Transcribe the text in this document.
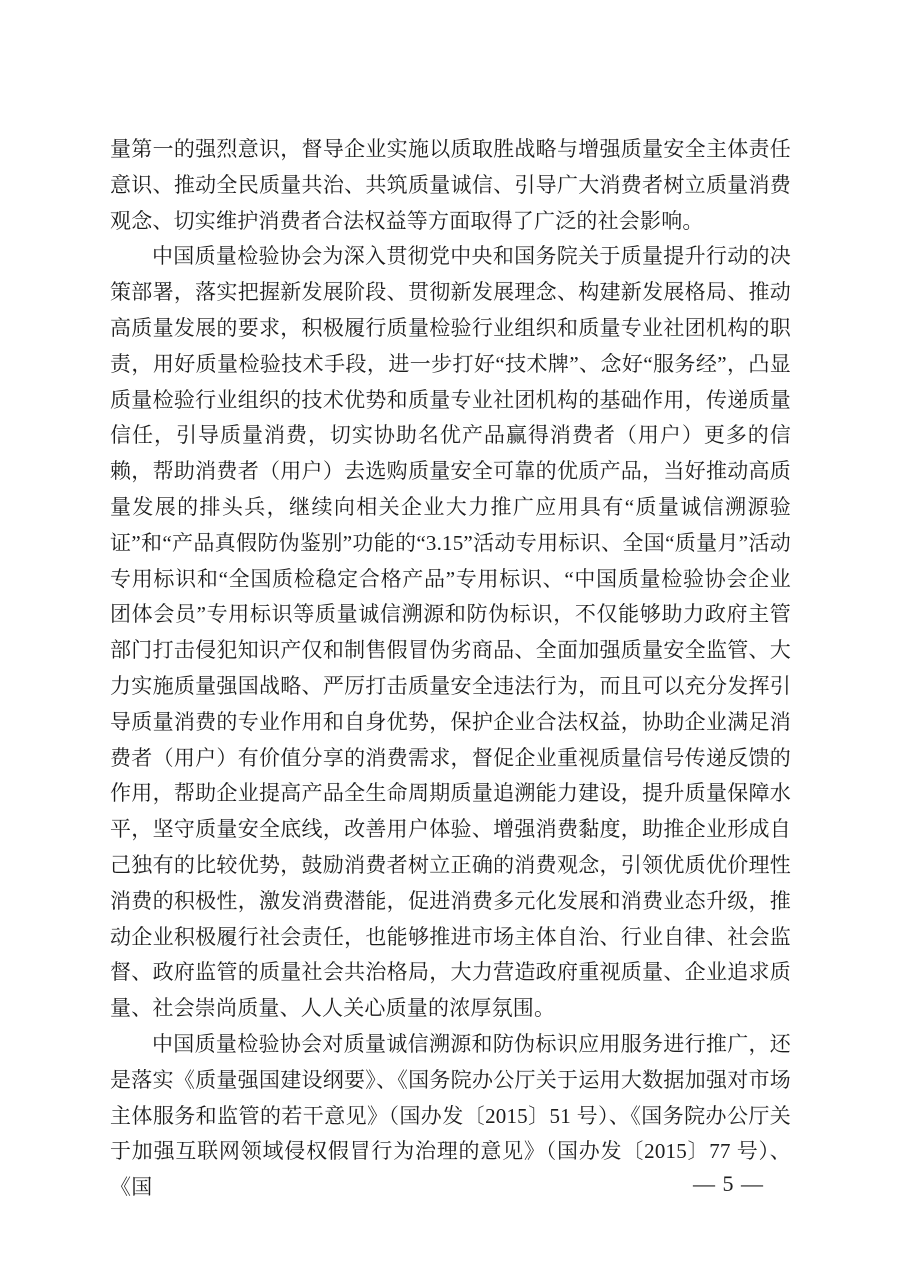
量第一的强烈意识，督导企业实施以质取胜战略与增强质量安全主体责任意识、推动全民质量共治、共筑质量诚信、引导广大消费者树立质量消费观念、切实维护消费者合法权益等方面取得了广泛的社会影响。

中国质量检验协会为深入贯彻党中央和国务院关于质量提升行动的决策部署，落实把握新发展阶段、贯彻新发展理念、构建新发展格局、推动高质量发展的要求，积极履行质量检验行业组织和质量专业社团机构的职责，用好质量检验技术手段，进一步打好“技术牌”、念好“服务经”，凸显质量检验行业组织的技术优势和质量专业社团机构的基础作用，传递质量信任，引导质量消费，切实协助名优产品赢得消费者（用户）更多的信赖，帮助消费者（用户）去选购质量安全可靠的优质产品，当好推动高质量发展的排头兵，继续向相关企业大力推广应用具有“质量诚信溯源验证”和“产品真假防伪鉴别”功能的“3.15”活动专用标识、全国“质量月”活动专用标识和“全国质检稳定合格产品”专用标识、“中国质量检验协会企业团体会员”专用标识等质量诚信溯源和防伪标识，不仅能够助力政府主管部门打击侵犯知识产仅和制售假冒伪劣商品、全面加强质量安全监管、大力实施质量强国战略、严厉打击质量安全违法行为，而且可以充分发挥引导质量消费的专业作用和自身优势，保护企业合法权益，协助企业满足消费者（用户）有价值分享的消费需求，督促企业重视质量信号传递反馈的作用，帮助企业提高产品全生命周期质量追溯能力建设，提升质量保障水平，坚守质量安全底线，改善用户体验、增强消费黏度，助推企业形成自己独有的比较优势，鼓励消费者树立正确的消费观念，引领优质优价理性消费的积极性，激发消费潜能，促进消费多元化发展和消费业态升级，推动企业积极履行社会责任，也能够推进市场主体自治、行业自律、社会监督、政府监管的质量社会共治格局，大力营造政府重视质量、企业追求质量、社会崇尚质量、人人关心质量的浓厚氛围。

中国质量检验协会对质量诚信溯源和防伪标识应用服务进行推广，还是落实《质量强国建设纲要》、《国务院办公厅关于运用大数据加强对市场主体服务和监管的若干意见》（国办发〔2015〕51 号）、《国务院办公厅关于加强互联网领域侵权假冒行为治理的意见》（国办发〔2015〕77 号）、《国	— 5 —
